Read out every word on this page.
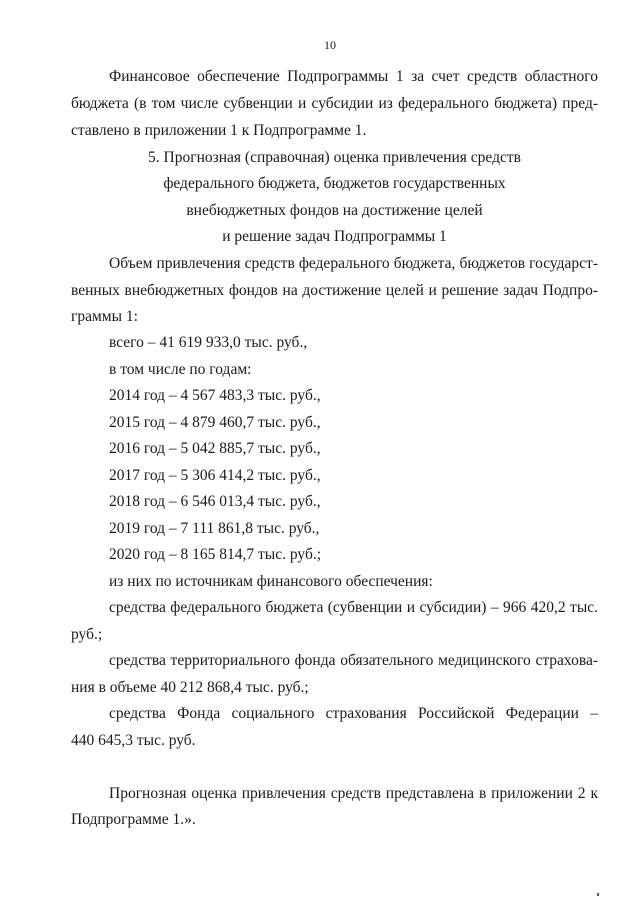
10
Финансовое обеспечение Подпрограммы 1 за счет средств областного
бюджета (в том числе субвенции и субсидии из федерального бюджета) пред-
ставлено в приложении 1 к Подпрограмме 1.
5. Прогнозная (справочная) оценка привлечения средств
федерального бюджета, бюджетов государственных
внебюджетных фондов на достижение целей
и решение задач Подпрограммы 1
Объем привлечения средств федерального бюджета, бюджетов государст-
венных внебюджетных фондов на достижение целей и решение задач Подпро-
граммы 1:
всего – 41 619 933,0 тыс. руб.,
в том числе по годам:
2014 год – 4 567 483,3 тыс. руб.,
2015 год – 4 879 460,7 тыс. руб.,
2016 год – 5 042 885,7 тыс. руб.,
2017 год – 5 306 414,2 тыс. руб.,
2018 год – 6 546 013,4 тыс. руб.,
2019 год – 7 111 861,8 тыс. руб.,
2020 год – 8 165 814,7 тыс. руб.;
из них по источникам финансового обеспечения:
средства федерального бюджета (субвенции и субсидии) – 966 420,2 тыс.
руб.;
средства территориального фонда обязательного медицинского страхова-
ния в объеме 40 212 868,4 тыс. руб.;
средства Фонда социального страхования Российской Федерации –
440 645,3 тыс. руб.
Прогнозная оценка привлечения средств представлена в приложении 2 к
Подпрограмме 1.».
